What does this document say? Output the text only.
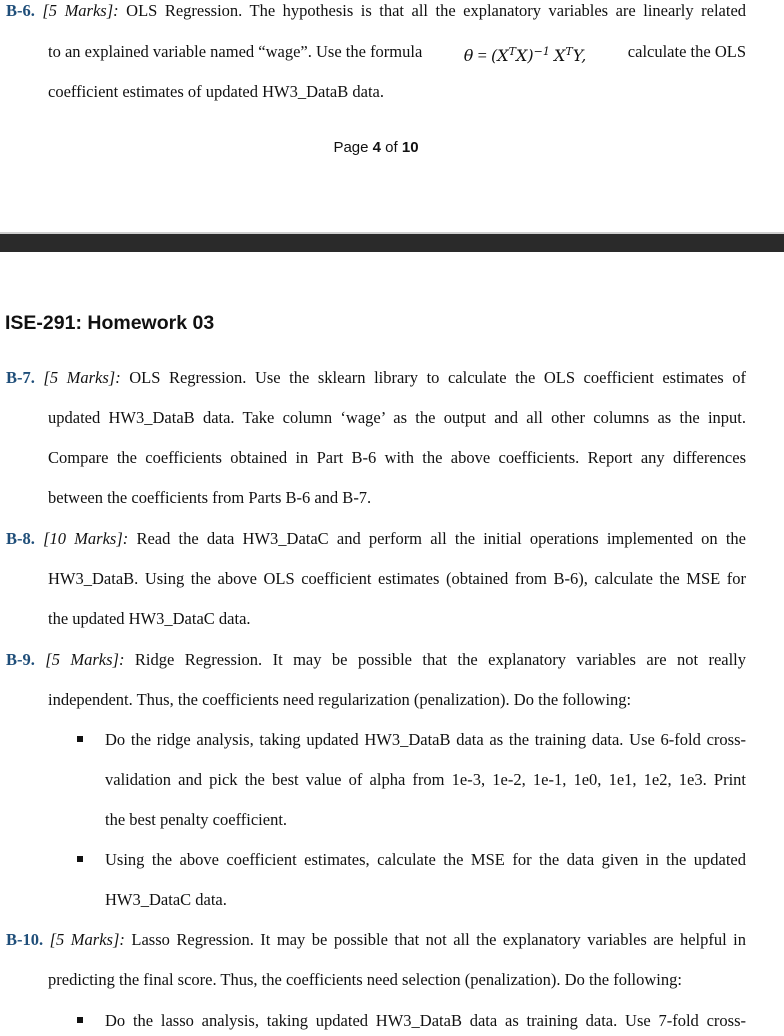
B-6. [5 Marks]: OLS Regression. The hypothesis is that all the explanatory variables are linearly related
to an explained variable named “wage”. Use the formula	$\theta = (X^TX)^{-1}$ $X^TY$,	calculate the OLS
coefficient estimates of updated HW3_DataB data.
Page 4 of 10
ISE-291: Homework 03
B-7. [5 Marks]: OLS Regression. Use the sklearn library to calculate the OLS coefficient estimates of
updated HW3_DataB data. Take column ‘wage’ as the output and all other columns as the input.
Compare the coefficients obtained in Part B-6 with the above coefficients. Report any differences
between the coefficients from Parts B-6 and B-7.
B-8. [10 Marks]: Read the data HW3_DataC and perform all the initial operations implemented on the
HW3_DataB. Using the above OLS coefficient estimates (obtained from B-6), calculate the MSE for
the updated HW3_DataC data.
B-9. [5 Marks]: Ridge Regression. It may be possible that the explanatory variables are not really
independent. Thus, the coefficients need regularization (penalization). Do the following:
Do the ridge analysis, taking updated HW3_DataB data as the training data. Use 6-fold cross-
validation and pick the best value of alpha from 1e-3, 1e-2, 1e-1, 1e0, 1e1, 1e2, 1e3. Print
the best penalty coefficient.
Using the above coefficient estimates, calculate the MSE for the data given in the updated
HW3_DataC data.
B-10. [5 Marks]: Lasso Regression. It may be possible that not all the explanatory variables are helpful in
predicting the final score. Thus, the coefficients need selection (penalization). Do the following:
Do the lasso analysis, taking updated HW3_DataB data as training data. Use 7-fold cross-
